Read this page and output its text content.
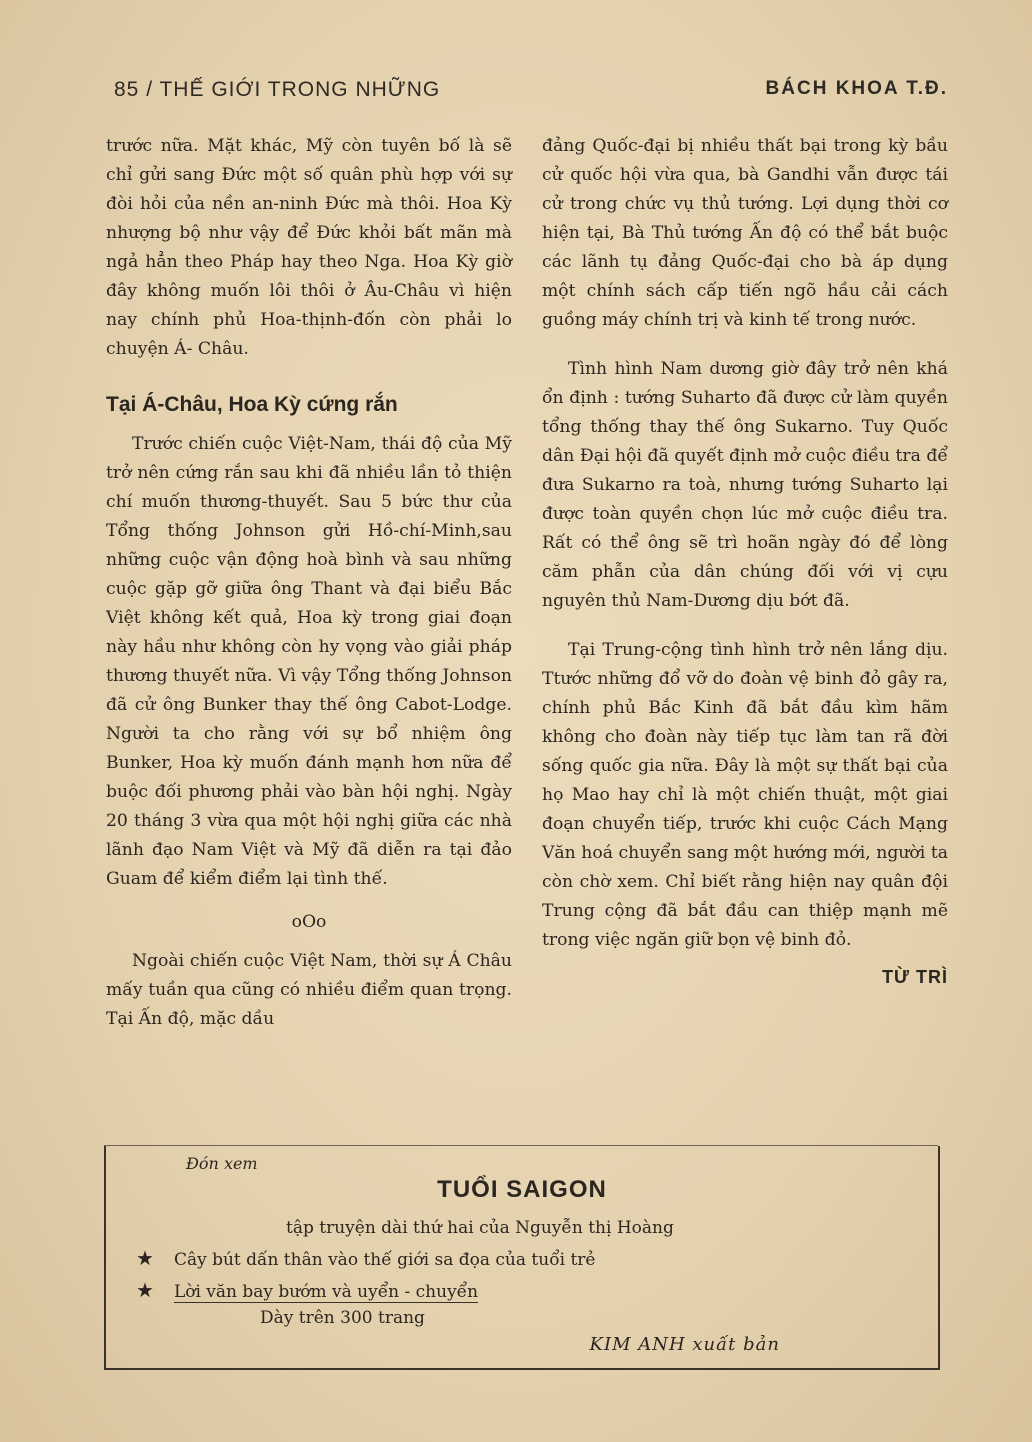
85 / THẾ GIỚI TRONG NHỮNG	BÁCH KHOA T.Đ.

trước nữa. Mặt khác, Mỹ còn tuyên bố là sẽ chỉ gửi sang Đức một số quân phù hợp với sự đòi hỏi của nền an-ninh Đức mà thôi. Hoa Kỳ nhượng bộ như vậy để Đức khỏi bất mãn mà ngả hẳn theo Pháp hay theo Nga. Hoa Kỳ giờ đây không muốn lôi thôi ở Âu-Châu vì hiện nay chính phủ Hoa-thịnh-đốn còn phải lo chuyện Á- Châu.

Tại Á-Châu, Hoa Kỳ cứng rắn

Trước chiến cuộc Việt-Nam, thái độ của Mỹ trở nên cứng rắn sau khi đã nhiều lần tỏ thiện chí muốn thương-thuyết. Sau 5 bức thư của Tổng thống Johnson gửi Hồ-chí-Minh,sau những cuộc vận động hoà bình và sau những cuộc gặp gỡ giữa ông Thant và đại biểu Bắc Việt không kết quả, Hoa kỳ trong giai đoạn này hầu như không còn hy vọng vào giải pháp thương thuyết nữa. Vì vậy Tổng thống Johnson đã cử ông Bunker thay thế ông Cabot-Lodge. Người ta cho rằng với sự bổ nhiệm ông Bunker, Hoa kỳ muốn đánh mạnh hơn nữa để buộc đối phương phải vào bàn hội nghị. Ngày 20 tháng 3 vừa qua một hội nghị giữa các nhà lãnh đạo Nam Việt và Mỹ đã diễn ra tại đảo Guam để kiểm điểm lại tình thế.

oOo

Ngoài chiến cuộc Việt Nam, thời sự Á Châu mấy tuần qua cũng có nhiều điểm quan trọng. Tại Ấn độ, mặc dầu

đảng Quốc-đại bị nhiều thất bại trong kỳ bầu cử quốc hội vừa qua, bà Gandhi vẫn được tái cử trong chức vụ thủ tướng. Lợi dụng thời cơ hiện tại, Bà Thủ tướng Ấn độ có thể bắt buộc các lãnh tụ đảng Quốc-đại cho bà áp dụng một chính sách cấp tiến ngõ hầu cải cách guồng máy chính trị và kinh tế trong nước.

Tình hình Nam dương giờ đây trở nên khá ổn định : tướng Suharto đã được cử làm quyền tổng thống thay thế ông Sukarno. Tuy Quốc dân Đại hội đã quyết định mở cuộc điều tra để đưa Sukarno ra toà, nhưng tướng Suharto lại được toàn quyền chọn lúc mở cuộc điều tra. Rất có thể ông sẽ trì hoãn ngày đó để lòng căm phẫn của dân chúng đối với vị cựu nguyên thủ Nam-Dương dịu bớt đã.

Tại Trung-cộng tình hình trở nên lắng dịu. Ttước những đổ vỡ do đoàn vệ binh đỏ gây ra, chính phủ Bắc Kinh đã bắt đầu kìm hãm không cho đoàn này tiếp tục làm tan rã đời sống quốc gia nữa. Đây là một sự thất bại của họ Mao hay chỉ là một chiến thuật, một giai đoạn chuyển tiếp, trước khi cuộc Cách Mạng Văn hoá chuyển sang một hướng mới, người ta còn chờ xem. Chỉ biết rằng hiện nay quân đội Trung cộng đã bắt đầu can thiệp mạnh mẽ trong việc ngăn giữ bọn vệ binh đỏ.

TỪ TRÌ
Đón xem
TUỔI SAIGON
tập truyện dài thứ hai của Nguyễn thị Hoàng
★ Cây bút dấn thân vào thế giới sa đọa của tuổi trẻ
★ Lời văn bay bướm và uyển - chuyển
Dày trên 300 trang
KIM ANH xuất bản
